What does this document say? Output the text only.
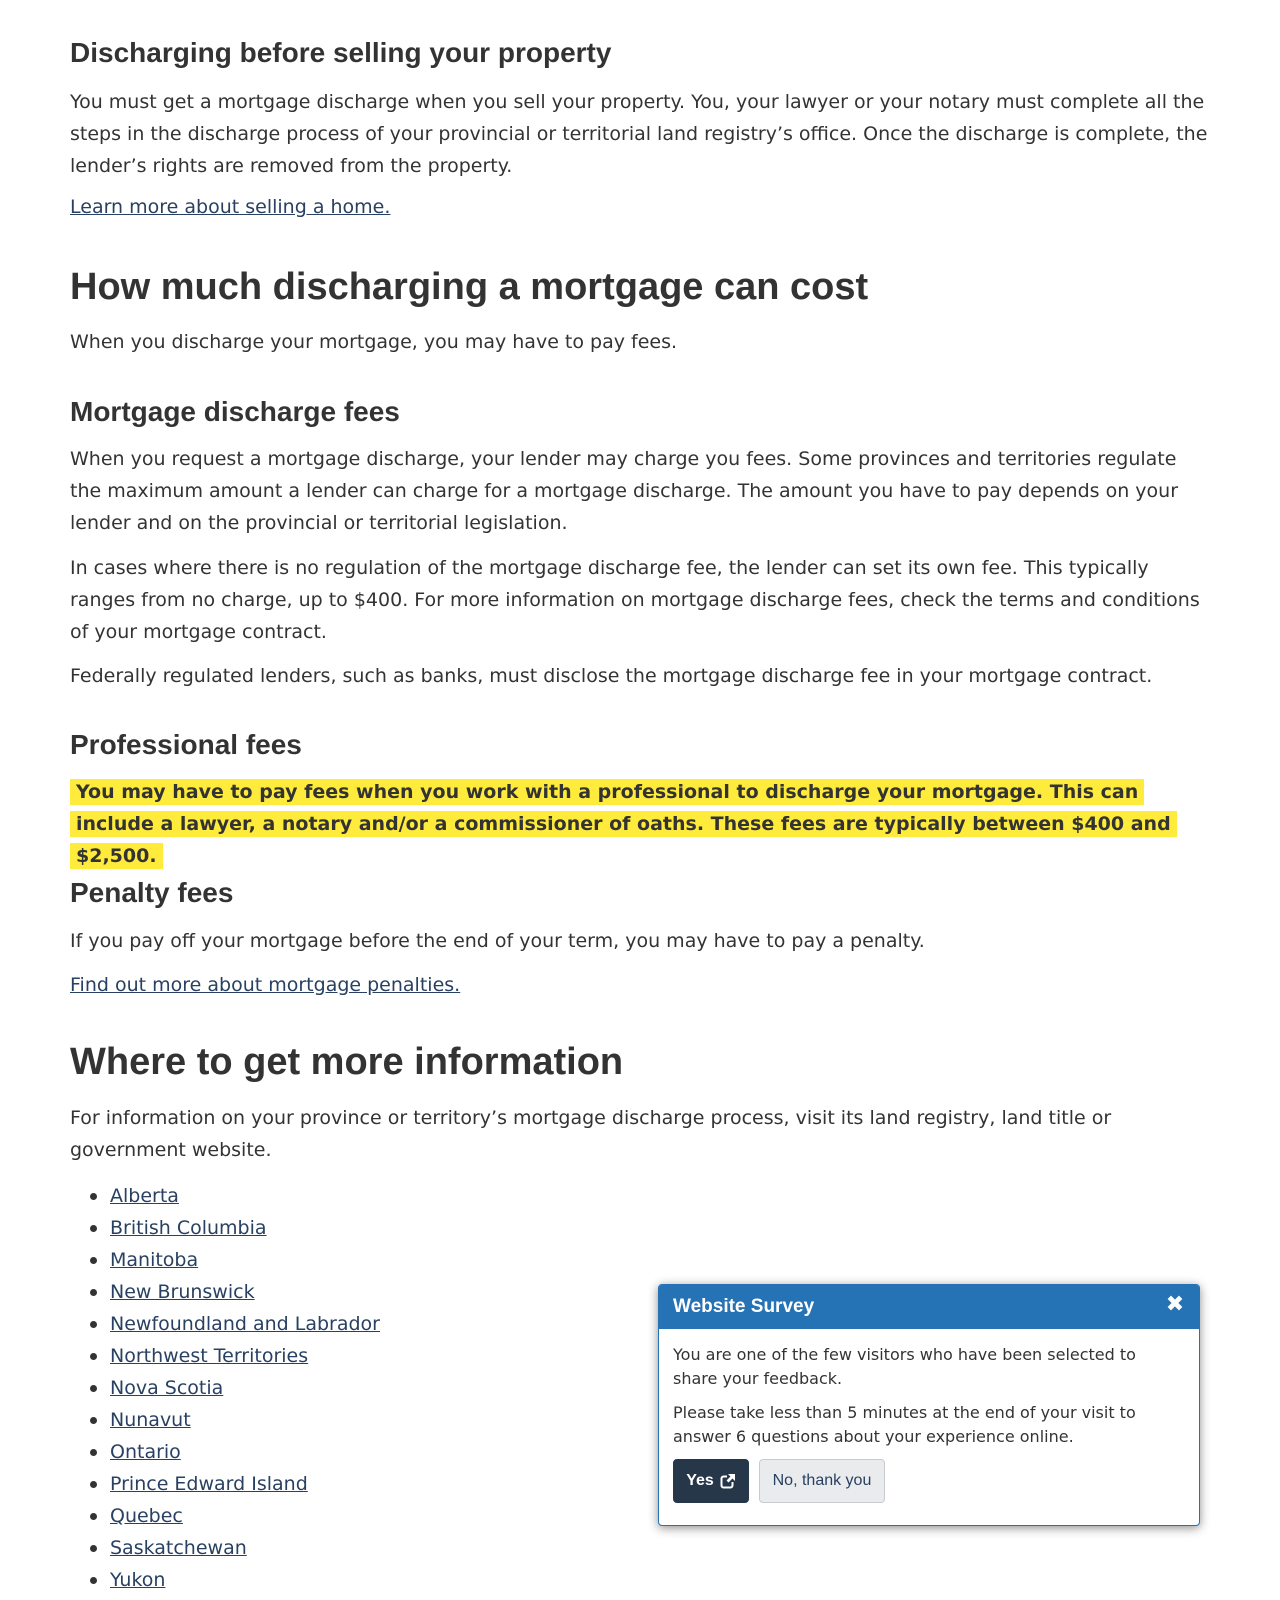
Discharging before selling your property

You must get a mortgage discharge when you sell your property. You, your lawyer or your notary must complete all the steps in the discharge process of your provincial or territorial land registry’s office. Once the discharge is complete, the lender’s rights are removed from the property.

Learn more about selling a home.
How much discharging a mortgage can cost

When you discharge your mortgage, you may have to pay fees.

Mortgage discharge fees

When you request a mortgage discharge, your lender may charge you fees. Some provinces and territories regulate the maximum amount a lender can charge for a mortgage discharge. The amount you have to pay depends on your lender and on the provincial or territorial legislation.

In cases where there is no regulation of the mortgage discharge fee, the lender can set its own fee. This typically ranges from no charge, up to $400. For more information on mortgage discharge fees, check the terms and conditions of your mortgage contract.

Federally regulated lenders, such as banks, must disclose the mortgage discharge fee in your mortgage contract.

Professional fees

You may have to pay fees when you work with a professional to discharge your mortgage. This can include a lawyer, a notary and/or a commissioner of oaths. These fees are typically between $400 and $2,500.

Penalty fees

If you pay off your mortgage before the end of your term, you may have to pay a penalty.

Find out more about mortgage penalties.
Where to get more information

For information on your province or territory’s mortgage discharge process, visit its land registry, land title or government website.

Alberta
British Columbia
Manitoba
New Brunswick
Newfoundland and Labrador
Northwest Territories
Nova Scotia
Nunavut
Ontario
Prince Edward Island
Quebec
Saskatchewan
Yukon
Website Survey	✖

You are one of the few visitors who have been selected to share your feedback.

Please take less than 5 minutes at the end of your visit to answer 6 questions about your experience online.

Yes	No, thank you
